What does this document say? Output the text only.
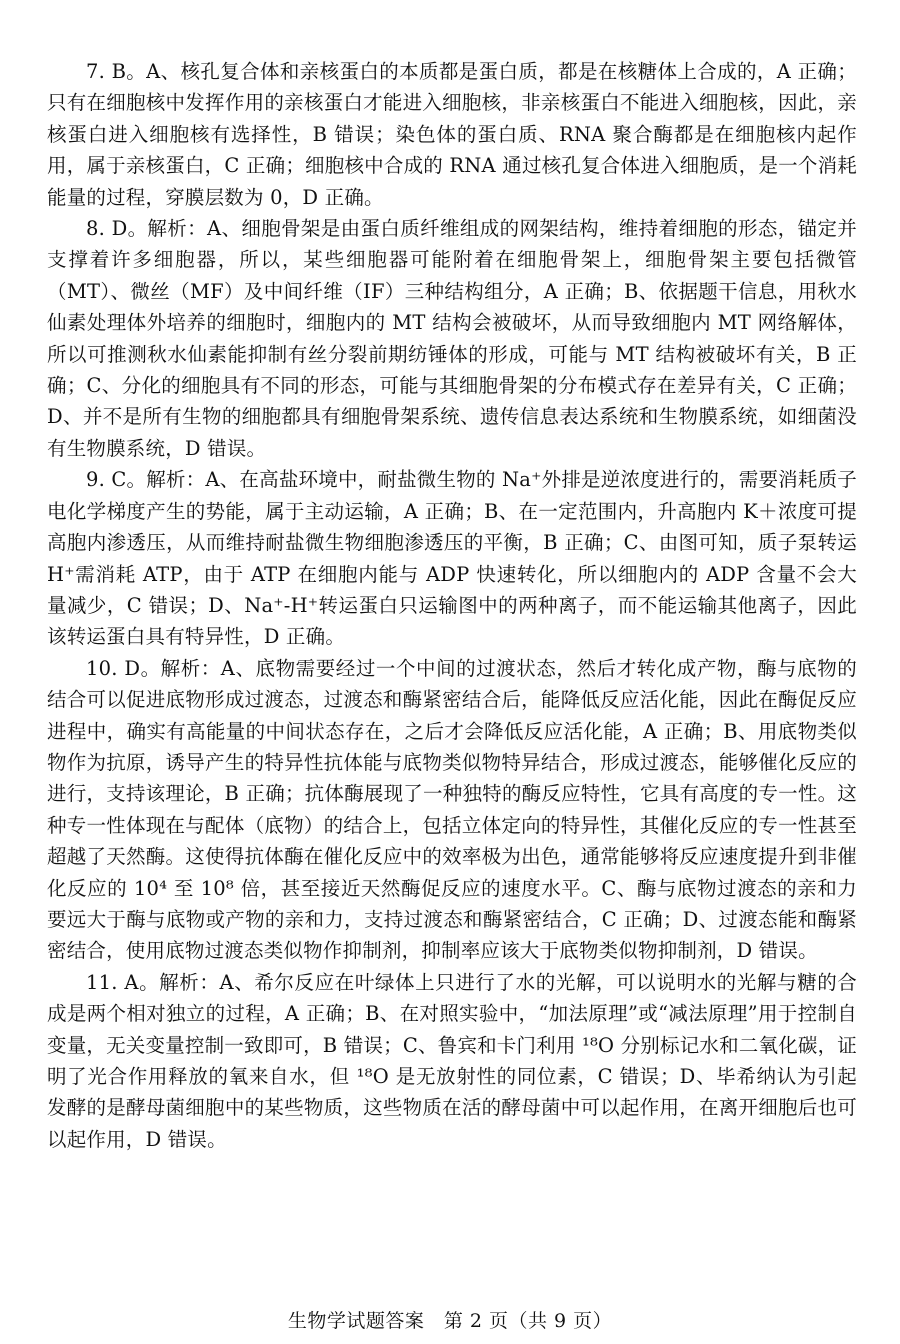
7. B。A、核孔复合体和亲核蛋白的本质都是蛋白质，都是在核糖体上合成的，A 正确；只有在细胞核中发挥作用的亲核蛋白才能进入细胞核，非亲核蛋白不能进入细胞核，因此，亲核蛋白进入细胞核有选择性，B 错误；染色体的蛋白质、RNA 聚合酶都是在细胞核内起作用，属于亲核蛋白，C 正确；细胞核中合成的 RNA 通过核孔复合体进入细胞质，是一个消耗能量的过程，穿膜层数为 0，D 正确。

8. D。解析：A、细胞骨架是由蛋白质纤维组成的网架结构，维持着细胞的形态，锚定并支撑着许多细胞器，所以，某些细胞器可能附着在细胞骨架上，细胞骨架主要包括微管（MT）、微丝（MF）及中间纤维（IF）三种结构组分，A 正确；B、依据题干信息，用秋水仙素处理体外培养的细胞时，细胞内的 MT 结构会被破坏，从而导致细胞内 MT 网络解体，所以可推测秋水仙素能抑制有丝分裂前期纺锤体的形成，可能与 MT 结构被破坏有关，B 正确；C、分化的细胞具有不同的形态，可能与其细胞骨架的分布模式存在差异有关，C 正确；D、并不是所有生物的细胞都具有细胞骨架系统、遗传信息表达系统和生物膜系统，如细菌没有生物膜系统，D 错误。

9. C。解析：A、在高盐环境中，耐盐微生物的 Na⁺外排是逆浓度进行的，需要消耗质子电化学梯度产生的势能，属于主动运输，A 正确；B、在一定范围内，升高胞内 K＋浓度可提高胞内渗透压，从而维持耐盐微生物细胞渗透压的平衡，B 正确；C、由图可知，质子泵转运 H⁺需消耗 ATP，由于 ATP 在细胞内能与 ADP 快速转化，所以细胞内的 ADP 含量不会大量减少，C 错误；D、Na⁺-H⁺转运蛋白只运输图中的两种离子，而不能运输其他离子，因此该转运蛋白具有特异性，D 正确。

10. D。解析：A、底物需要经过一个中间的过渡状态，然后才转化成产物，酶与底物的结合可以促进底物形成过渡态，过渡态和酶紧密结合后，能降低反应活化能，因此在酶促反应进程中，确实有高能量的中间状态存在，之后才会降低反应活化能，A 正确；B、用底物类似物作为抗原，诱导产生的特异性抗体能与底物类似物特异结合，形成过渡态，能够催化反应的进行，支持该理论，B 正确；抗体酶展现了一种独特的酶反应特性，它具有高度的专一性。这种专一性体现在与配体（底物）的结合上，包括立体定向的特异性，其催化反应的专一性甚至超越了天然酶。这使得抗体酶在催化反应中的效率极为出色，通常能够将反应速度提升到非催化反应的 10⁴ 至 10⁸ 倍，甚至接近天然酶促反应的速度水平。C、酶与底物过渡态的亲和力要远大于酶与底物或产物的亲和力，支持过渡态和酶紧密结合，C 正确；D、过渡态能和酶紧密结合，使用底物过渡态类似物作抑制剂，抑制率应该大于底物类似物抑制剂，D 错误。

11. A。解析：A、希尔反应在叶绿体上只进行了水的光解，可以说明水的光解与糖的合成是两个相对独立的过程，A 正确；B、在对照实验中，“加法原理”或“减法原理”用于控制自变量，无关变量控制一致即可，B 错误；C、鲁宾和卡门利用 ¹⁸O 分别标记水和二氧化碳，证明了光合作用释放的氧来自水，但 ¹⁸O 是无放射性的同位素，C 错误；D、毕希纳认为引起发酵的是酵母菌细胞中的某些物质，这些物质在活的酵母菌中可以起作用，在离开细胞后也可以起作用，D 错误。

生物学试题答案　第 2 页（共 9 页）
